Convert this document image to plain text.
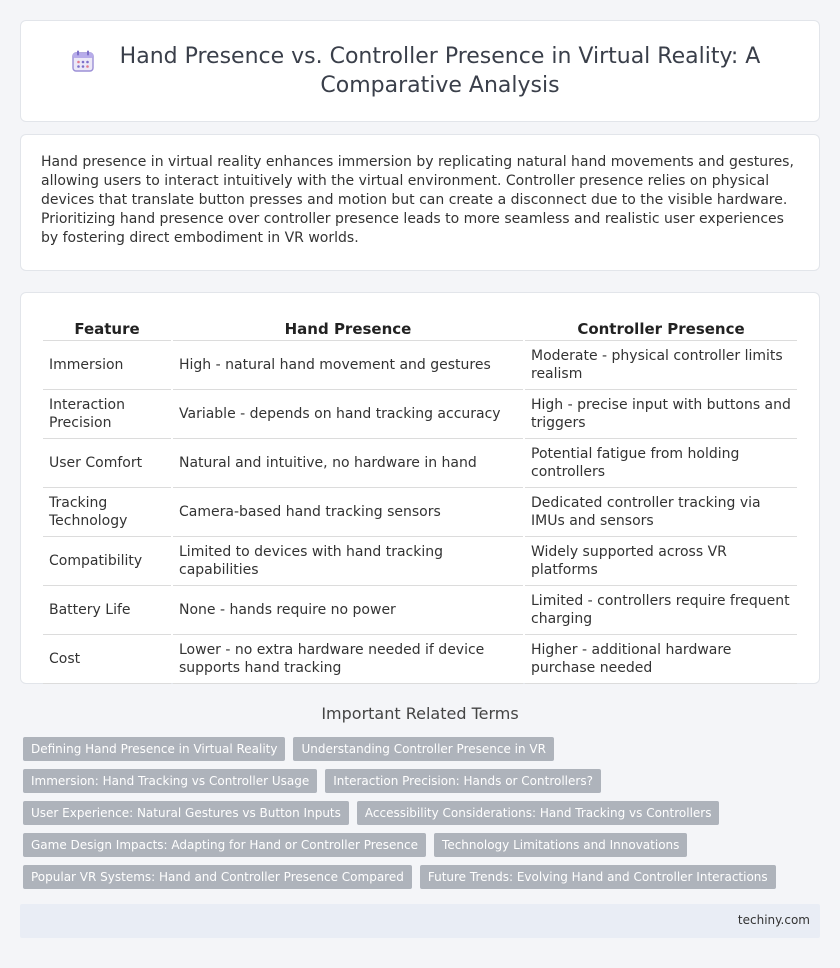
Hand Presence vs. Controller Presence in Virtual Reality: A Comparative Analysis

Hand presence in virtual reality enhances immersion by replicating natural hand movements and gestures, allowing users to interact intuitively with the virtual environment. Controller presence relies on physical devices that translate button presses and motion but can create a disconnect due to the visible hardware. Prioritizing hand presence over controller presence leads to more seamless and realistic user experiences by fostering direct embodiment in VR worlds.

Feature	Hand Presence	Controller Presence
Immersion	High - natural hand movement and gestures	Moderate - physical controller limits realism
Interaction Precision	Variable - depends on hand tracking accuracy	High - precise input with buttons and triggers
User Comfort	Natural and intuitive, no hardware in hand	Potential fatigue from holding controllers
Tracking Technology	Camera-based hand tracking sensors	Dedicated controller tracking via IMUs and sensors
Compatibility	Limited to devices with hand tracking capabilities	Widely supported across VR platforms
Battery Life	None - hands require no power	Limited - controllers require frequent charging
Cost	Lower - no extra hardware needed if device supports hand tracking	Higher - additional hardware purchase needed
Important Related Terms
Defining Hand Presence in Virtual Reality	Understanding Controller Presence in VR
Immersion: Hand Tracking vs Controller Usage	Interaction Precision: Hands or Controllers?
User Experience: Natural Gestures vs Button Inputs	Accessibility Considerations: Hand Tracking vs Controllers
Game Design Impacts: Adapting for Hand or Controller Presence	Technology Limitations and Innovations
Popular VR Systems: Hand and Controller Presence Compared	Future Trends: Evolving Hand and Controller Interactions
techiny.com
